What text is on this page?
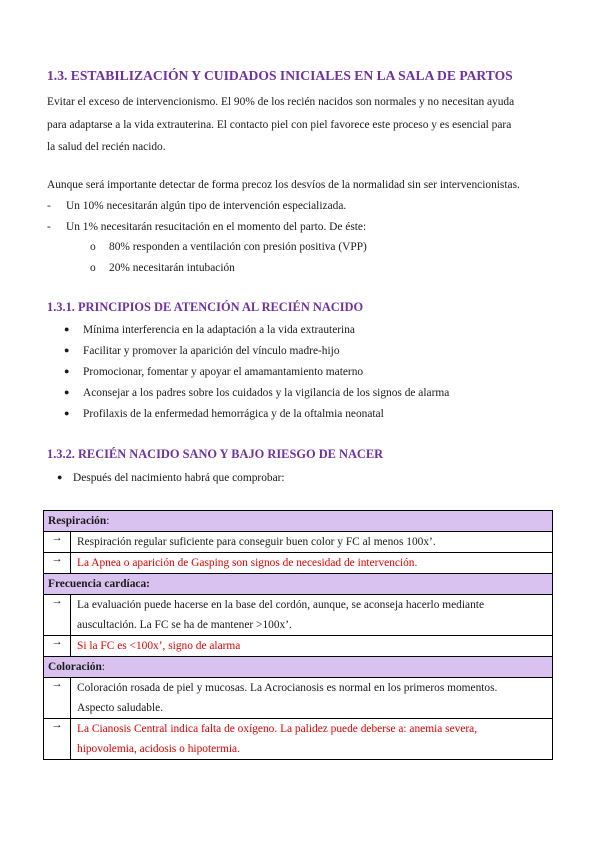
1.3. ESTABILIZACIÓN Y CUIDADOS INICIALES EN LA SALA DE PARTOS
Evitar el exceso de intervencionismo. El 90% de los recién nacidos son normales y no necesitan ayuda
para adaptarse a la vida extrauterina. El contacto piel con piel favorece este proceso y es esencial para
la salud del recién nacido.
Aunque será importante detectar de forma precoz los desvíos de la normalidad sin ser intervencionistas.
- Un 10% necesitarán algún tipo de intervención especializada.
- Un 1% necesitarán resucitación en el momento del parto. De éste:
o 80% responden a ventilación con presión positiva (VPP)
o 20% necesitarán intubación
1.3.1. PRINCIPIOS DE ATENCIÓN AL RECIÉN NACIDO
● Mínima interferencia en la adaptación a la vida extrauterina
● Facilitar y promover la aparición del vínculo madre-hijo
● Promocionar, fomentar y apoyar el amamantamiento materno
● Aconsejar a los padres sobre los cuidados y la vigilancia de los signos de alarma
● Profilaxis de la enfermedad hemorrágica y de la oftalmia neonatal
1.3.2. RECIÉN NACIDO SANO Y BAJO RIESGO DE NACER
● Después del nacimiento habrá que comprobar:
Respiración:	
→	Respiración regular suficiente para conseguir buen color y FC al menos 100x’.

→	La Apnea o aparición de Gasping son signos de necesidad de intervención.

Frecuencia cardíaca:	
→	La evaluación puede hacerse en la base del cordón, aunque, se aconseja hacerlo mediante
auscultación. La FC se ha de mantener >100x’.

→	Si la FC es <100x’, signo de alarma

Coloración:	
→	Coloración rosada de piel y mucosas. La Acrocianosis es normal en los primeros momentos.
Aspecto saludable.

→	La Cianosis Central indica falta de oxígeno. La palidez puede deberse a: anemia severa,
hipovolemia, acidosis o hipotermia.
